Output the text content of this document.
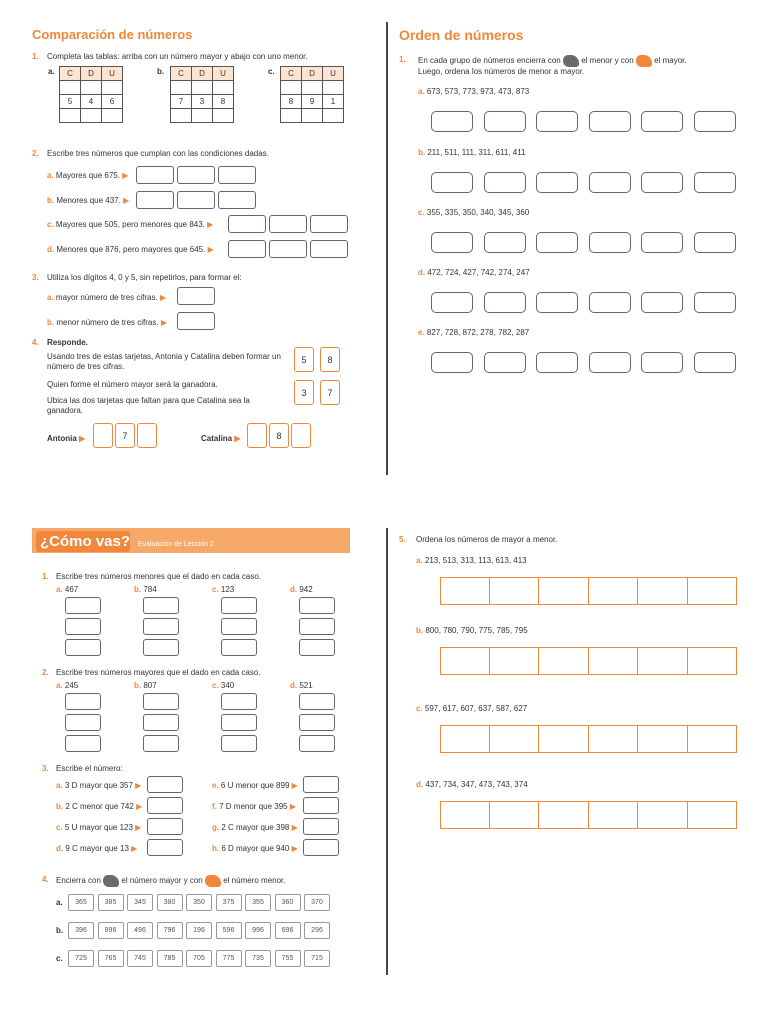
Comparación de números
1. Completa las tablas: arriba con un número mayor y abajo con uno menor.
a. C	D	U

5	4	6

b. C	D	U

7	3	8

c. C	D	U

8	9	1

2. Escribe tres números que cumplan con las condiciones dadas.
a. Mayores que 675. ▶
b. Menores que 437. ▶
c. Mayores que 505, pero menores que 843. ▶
d. Menores que 876, pero mayores que 645. ▶
3. Utiliza los dígitos 4, 0 y 5, sin repetirlos, para formar el:
a. mayor número de tres cifras. ▶
b. menor número de tres cifras. ▶
4. Responde.
Usando tres de estas tarjetas, Antonia y Catalina deben formar un número de tres cifras.
Quien forme el número mayor será la ganadora.
Ubica las dos tarjetas que faltan para que Catalina sea la ganadora.
5	8
3	7
Antonia ▶	7	Catalina ▶	8
Orden de números
1. En cada grupo de números encierra con	el menor y con	el mayor.
Luego, ordena los números de menor a mayor.
a. 673, 573, 773, 973, 473, 873
b. 211, 511, 111, 311, 611, 411
c. 355, 335, 350, 340, 345, 360
d. 472, 724, 427, 742, 274, 247
e. 827, 728, 872, 278, 782, 287
¿Cómo vas? Evaluación de Lección 2
1. Escribe tres números menores que el dado en cada caso.
a. 467	b. 784	c. 123	d. 942
2. Escribe tres números mayores que el dado en cada caso.
a. 245	b. 807	c. 340	d. 521
3. Escribe el número:
a. 3 D mayor que 357 ▶
b. 2 C menor que 742 ▶
c. 5 U mayor que 123 ▶
d. 9 C mayor que 13 ▶
e. 6 U menor que 899 ▶
f. 7 D menor que 395 ▶
g. 2 C mayor que 398 ▶
h. 6 D mayor que 940 ▶
4. Encierra con	el número mayor y con	el número menor.
a.	365	385	345	380	350	375	355	360	370
b.	396	896	496	796	196	596	996	696	296
c.	725	765	745	785	705	775	735	755	715
5. Ordena los números de mayor a menor.
a. 213, 513, 313, 113, 613, 413
b. 800, 780, 790, 775, 785, 795
c. 597, 617, 607, 637, 587, 627
d. 437, 734, 347, 473, 743, 374
